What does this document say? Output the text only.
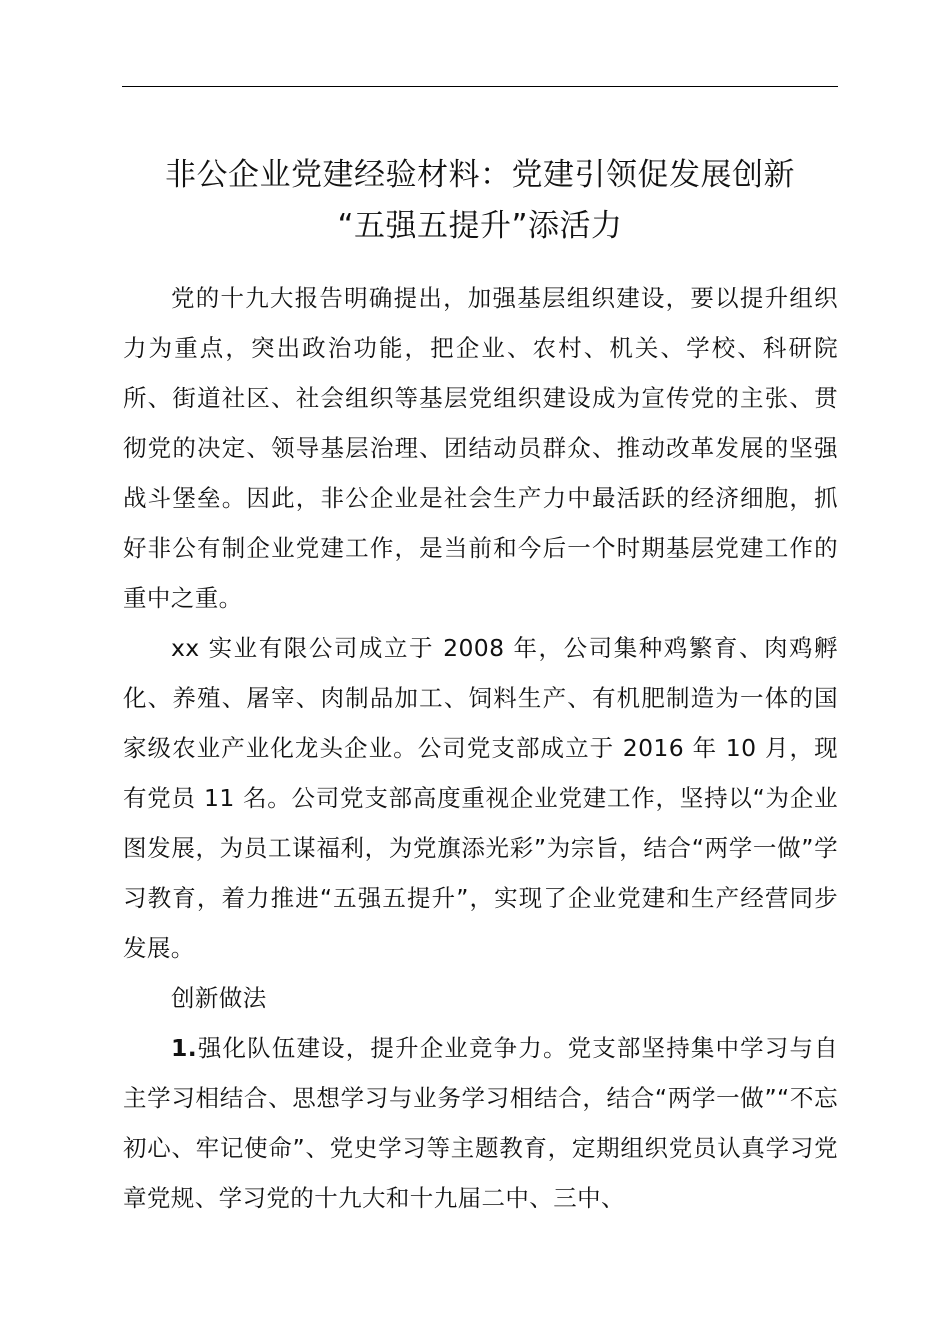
非公企业党建经验材料：党建引领促发展创新
“五强五提升”添活力

党的十九大报告明确提出，加强基层组织建设，要以提升组织力为重点，突出政治功能，把企业、农村、机关、学校、科研院所、街道社区、社会组织等基层党组织建设成为宣传党的主张、贯彻党的决定、领导基层治理、团结动员群众、推动改革发展的坚强战斗堡垒。因此，非公企业是社会生产力中最活跃的经济细胞，抓好非公有制企业党建工作，是当前和今后一个时期基层党建工作的重中之重。

xx 实业有限公司成立于 2008 年，公司集种鸡繁育、肉鸡孵化、养殖、屠宰、肉制品加工、饲料生产、有机肥制造为一体的国家级农业产业化龙头企业。公司党支部成立于 2016 年 10 月，现有党员 11 名。公司党支部高度重视企业党建工作，坚持以“为企业图发展，为员工谋福利，为党旗添光彩”为宗旨，结合“两学一做”学习教育，着力推进“五强五提升”，实现了企业党建和生产经营同步发展。

创新做法

1.强化队伍建设，提升企业竞争力。党支部坚持集中学习与自主学习相结合、思想学习与业务学习相结合，结合“两学一做”“不忘初心、牢记使命”、党史学习等主题教育，定期组织党员认真学习党章党规、学习党的十九大和十九届二中、三中、
